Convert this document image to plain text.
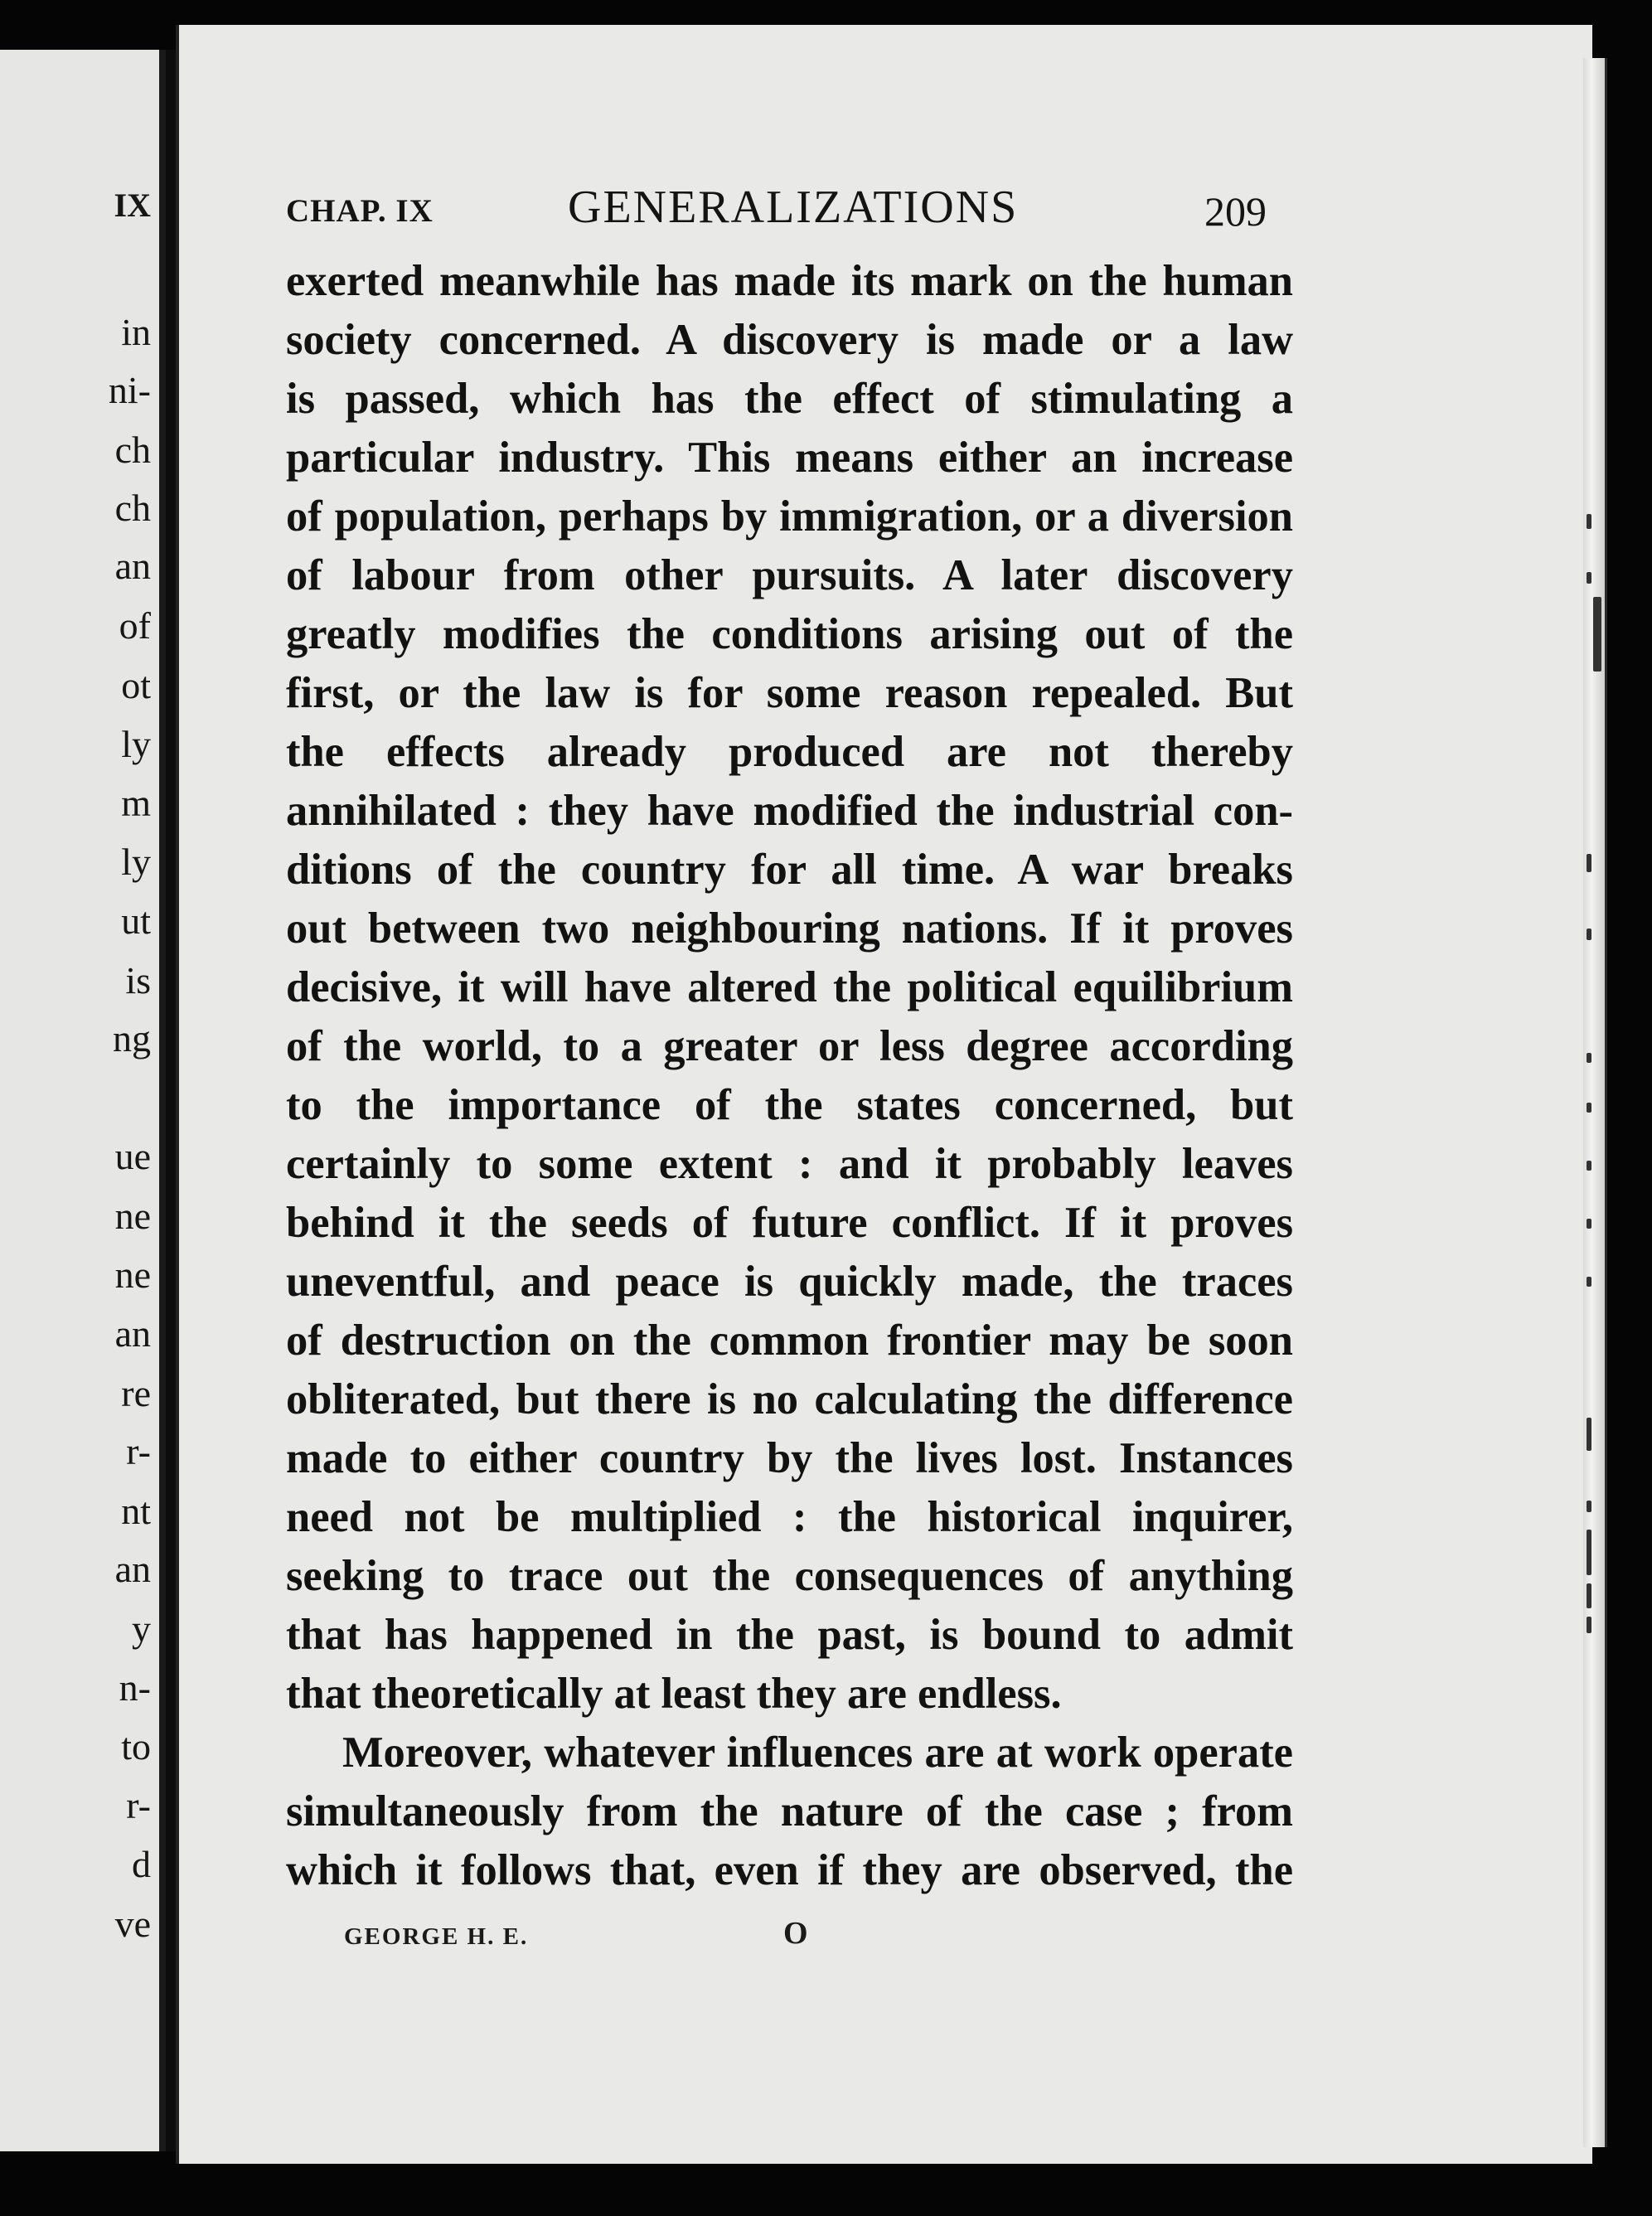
IX
in
ni-
ch
ch
an
of
ot
ly
m
ly
ut
is
ng
ue
ne
ne
an
re
r-
nt
an
y
n-
to
r-
d
ve
CHAP. IX	GENERALIZATIONS	209
exerted meanwhile has made its mark on the human
society concerned. A discovery is made or a law
is passed, which has the effect of stimulating a
particular industry. This means either an increase
of population, perhaps by immigration, or a diversion
of labour from other pursuits. A later discovery
greatly modifies the conditions arising out of the
first, or the law is for some reason repealed. But
the effects already produced are not thereby
annihilated : they have modified the industrial con-
ditions of the country for all time. A war breaks
out between two neighbouring nations. If it proves
decisive, it will have altered the political equilibrium
of the world, to a greater or less degree according
to the importance of the states concerned, but
certainly to some extent : and it probably leaves
behind it the seeds of future conflict. If it proves
uneventful, and peace is quickly made, the traces
of destruction on the common frontier may be soon
obliterated, but there is no calculating the difference
made to either country by the lives lost. Instances
need not be multiplied : the historical inquirer,
seeking to trace out the consequences of anything
that has happened in the past, is bound to admit
that theoretically at least they are endless.
Moreover, whatever influences are at work operate
simultaneously from the nature of the case ; from
which it follows that, even if they are observed, the
GEORGE H. E.	O
